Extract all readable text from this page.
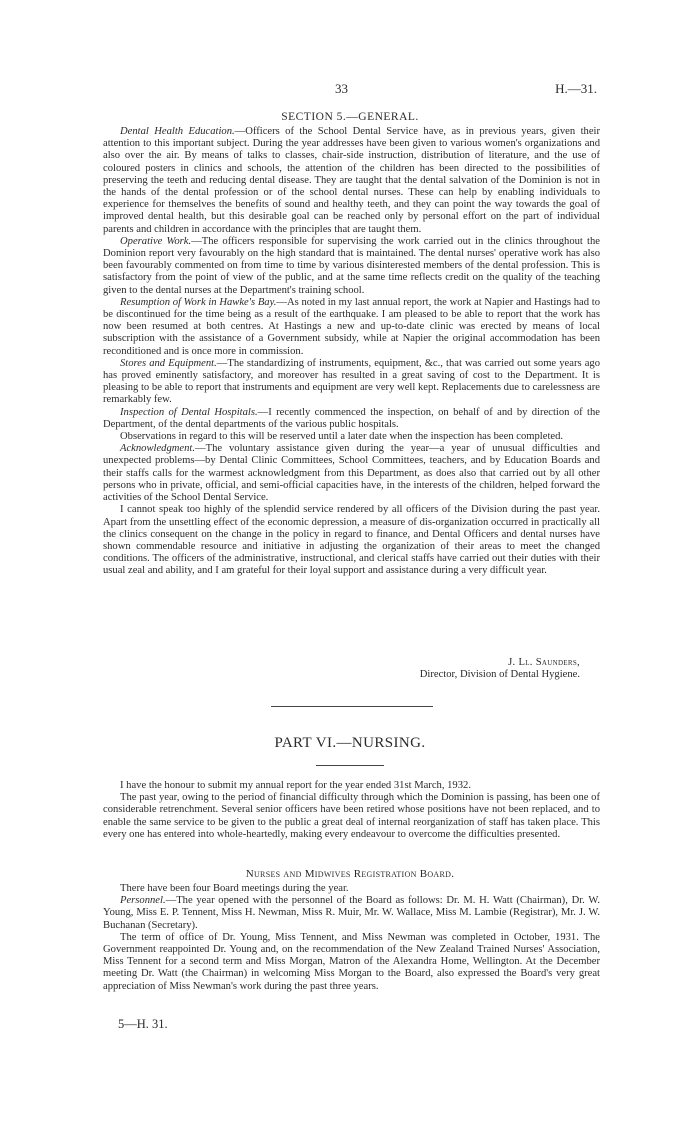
33	H.—31.
SECTION 5.—GENERAL.

Dental Health Education.—Officers of the School Dental Service have, as in previous years, given their attention to this important subject. During the year addresses have been given to various women's organizations and also over the air. By means of talks to classes, chair-side instruction, distribution of literature, and the use of coloured posters in clinics and schools, the attention of the children has been directed to the possibilities of preserving the teeth and reducing dental disease. They are taught that the dental salvation of the Dominion is not in the hands of the dental profession or of the school dental nurses. These can help by enabling individuals to experience for themselves the benefits of sound and healthy teeth, and they can point the way towards the goal of improved dental health, but this desirable goal can be reached only by personal effort on the part of individual parents and children in accordance with the principles that are taught them.

Operative Work.—The officers responsible for supervising the work carried out in the clinics throughout the Dominion report very favourably on the high standard that is maintained. The dental nurses' operative work has also been favourably commented on from time to time by various disinterested members of the dental profession. This is satisfactory from the point of view of the public, and at the same time reflects credit on the quality of the teaching given to the dental nurses at the Department's training school.

Resumption of Work in Hawke's Bay.—As noted in my last annual report, the work at Napier and Hastings had to be discontinued for the time being as a result of the earthquake. I am pleased to be able to report that the work has now been resumed at both centres. At Hastings a new and up-to-date clinic was erected by means of local subscription with the assistance of a Government subsidy, while at Napier the original accommodation has been reconditioned and is once more in commission.

Stores and Equipment.—The standardizing of instruments, equipment, &c., that was carried out some years ago has proved eminently satisfactory, and moreover has resulted in a great saving of cost to the Department. It is pleasing to be able to report that instruments and equipment are very well kept. Replacements due to carelessness are remarkably few.

Inspection of Dental Hospitals.—I recently commenced the inspection, on behalf of and by direction of the Department, of the dental departments of the various public hospitals.

Observations in regard to this will be reserved until a later date when the inspection has been completed.

Acknowledgment.—The voluntary assistance given during the year—a year of unusual difficulties and unexpected problems—by Dental Clinic Committees, School Committees, teachers, and by Education Boards and their staffs calls for the warmest acknowledgment from this Department, as does also that carried out by all other persons who in private, official, and semi-official capacities have, in the interests of the children, helped forward the activities of the School Dental Service.

I cannot speak too highly of the splendid service rendered by all officers of the Division during the past year. Apart from the unsettling effect of the economic depression, a measure of dis-organization occurred in practically all the clinics consequent on the change in the policy in regard to finance, and Dental Officers and dental nurses have shown commendable resource and initiative in adjusting the organization of their areas to meet the changed conditions. The officers of the administrative, instructional, and clerical staffs have carried out their duties with their usual zeal and ability, and I am grateful for their loyal support and assistance during a very difficult year.

J. Ll. Saunders,
Director, Division of Dental Hygiene.
PART VI.—NURSING.

I have the honour to submit my annual report for the year ended 31st March, 1932.

The past year, owing to the period of financial difficulty through which the Dominion is passing, has been one of considerable retrenchment. Several senior officers have been retired whose positions have not been replaced, and to enable the same service to be given to the public a great deal of internal reorganization of staff has taken place. This every one has entered into whole-heartedly, making every endeavour to overcome the difficulties presented.

Nurses and Midwives Registration Board.

There have been four Board meetings during the year.

Personnel.—The year opened with the personnel of the Board as follows: Dr. M. H. Watt (Chairman), Dr. W. Young, Miss E. P. Tennent, Miss H. Newman, Miss R. Muir, Mr. W. Wallace, Miss M. Lambie (Registrar), Mr. J. W. Buchanan (Secretary).

The term of office of Dr. Young, Miss Tennent, and Miss Newman was completed in October, 1931. The Government reappointed Dr. Young and, on the recommendation of the New Zealand Trained Nurses' Association, Miss Tennent for a second term and Miss Morgan, Matron of the Alexandra Home, Wellington. At the December meeting Dr. Watt (the Chairman) in welcoming Miss Morgan to the Board, also expressed the Board's very great appreciation of Miss Newman's work during the past three years.

5—H. 31.
